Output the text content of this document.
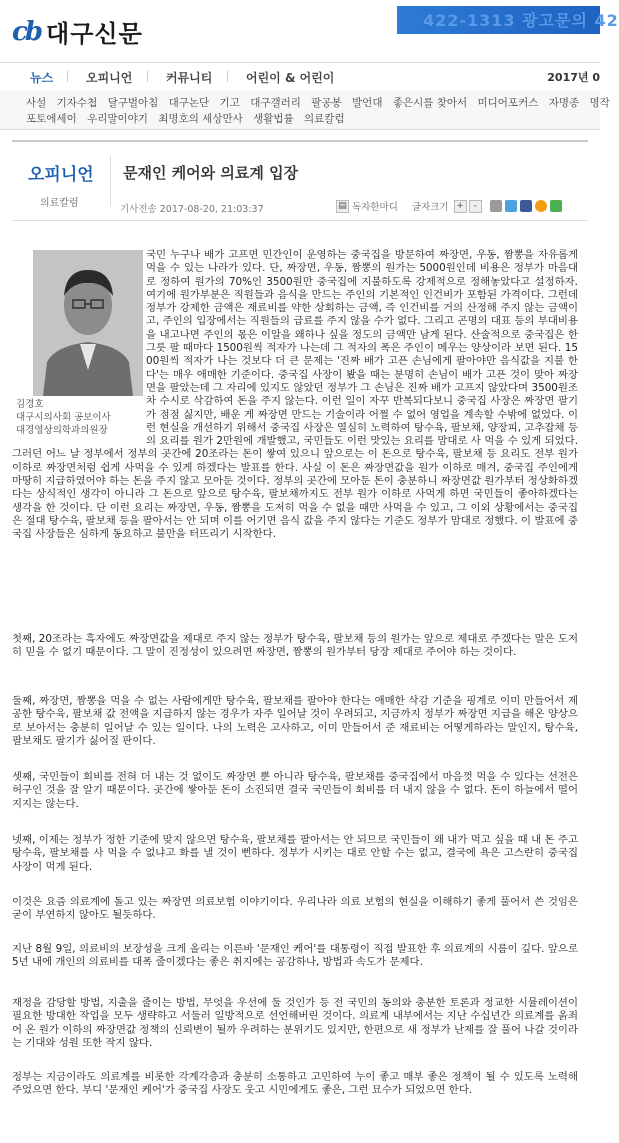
cb 대구신문	422-1313 광고문의 42
뉴스	오피니언	커뮤니티	어린이 & 어린이	2017년 0
사설 기자수첩 달구벌아침 대구논단 기고 대구갤러리 팔공봉 발언대 좋은시를 찾아서 미디어포커스 자명종 명작
포토에세이 우리말이야기 최명호의 세상만사 생활법률 의료칼럼
오피니언
의료칼럼
문재인 케어와 의료계 입장
기사전송 2017-08-20, 21:03:37	▤ 독자한마디 글자크기 +	-
김경호
대구시의사회 공보이사
대경영상의학과의원장
국민 누구나 배가 고프면 민간인이 운영하는 중국집을 방문하여 짜장면, 우동, 짬뽕을 자유롭게 먹을 수 있는 나라가 있다. 단, 짜장면, 우동, 짬뽕의 원가는 5000원인데 비용은 정부가 마음대로 정하여 원가의 70%인 3500원만 중국집에 지불하도록 강제적으로 정해놓았다고 설정하자. 여기에 원가부분은 직원들과 음식을 만드는 주인의 기본적인 인건비가 포함된 가격이다. 그런데 정부가 강제한 금액은 재료비를 약한 상회하는 금액, 즉 인건비를 거의 산정해 주지 않는 금액이고, 주인의 입장에서는 직원들의 급료를 주지 않을 수가 없다. 그리고 곤명의 대표 등의 부대비용을 내고나면 주인의 몫은 이알을 왜하나 싶을 정도의 금액만 남게 된다. 산술적으로 중국집은 한 그릇 팔 때마다 1500원씩 적자가 나는데 그 적자의 폭은 주인이 메우는 양상이라 보면 된다. 1500원씩 적자가 나는 것보다 더 큰 문제는 '진짜 배가 고픈 손님에게 팔아야만 음식값을 지불 한다'는 매우 애매한 기준이다. 중국집 사장이 봤을 때는 분명히 손님이 배가 고픈 것이 맞아 짜장면을 팔았는데 그 자리에 있지도 않았던 정부가 그 손님은 진짜 배가 고프지 않았다며 3500원조차 수시로 삭감하여 돈을 주지 않는다. 이런 일이 자꾸 반복되다보니 중국집 사장은 짜장면 팔기가 점점 싫지만, 배운 게 짜장면 만드는 기술이라 어쩔 수 없어 영업을 계속할 수밖에 없었다. 이런 현실을 개선하기 위해서 중국집 사장은 열심히 노력하여 탕수육, 팔보채, 양장피, 고추잡채 등의 요리를 원가 2만원에 개발했고, 국민들도 이런 맛있는 요리를 맘대로 사 먹을 수 있게 되었다. 그러던 어느 날 정부에서 정부의 곳간에 20조라는 돈이 쌓여 있으니 앞으로는 이 돈으로 탕수육, 팔보채 등 요리도 전부 원가 이하로 짜장면처럼 쉽게 사먹을 수 있게 하겠다는 발표를 한다. 사실 이 돈은 짜장면값을 원가 이하로 매겨, 중국집 주인에게 마땅히 지급하였어야 하는 돈을 주지 않고 모아둔 것이다. 정부의 곳간에 모아둔 돈이 충분하니 짜장면값 원가부터 정상화하겠다는 상식적인 생각이 아니라 그 돈으로 앞으로 탕수육, 팔보채까지도 전부 원가 이하로 사먹게 하면 국민들이 좋아하겠다는 생각을 한 것이다. 단 이런 요리는 짜장면, 우동, 짬뽕을 도저히 먹을 수 없을 때만 사먹을 수 있고, 그 이외 상황에서는 중국집은 절대 탕수육, 팔보채 등을 팔아서는 안 되며 이를 어기면 음식 값을 주지 않다는 기준도 정부가 맘대로 정했다. 이 발표에 중국집 사장들은 심하게 동요하고 불만을 터뜨리기 시작한다.
첫째, 20조라는 흑자에도 짜장면값을 제대로 주지 않는 정부가 탕수육, 팔보채 등의 원가는 앞으로 제대로 주겠다는 말은 도저히 믿을 수 없기 때문이다. 그 말이 진정성이 있으려면 짜장면, 짬뽕의 원가부터 당장 제대로 주어야 하는 것이다.
둘째, 짜장면, 짬뽕을 먹을 수 없는 사람에게만 탕수육, 팔보채를 팔아야 한다는 애매한 삭감 기준을 핑계로 이미 만들어서 제공한 탕수육, 팔보채 값 전액을 지급하지 않는 경우가 자주 일어날 것이 우려되고, 지금까지 정부가 짜장면 지급을 해온 양상으로 보아서는 충분히 일어날 수 있는 일이다. 나의 노력은 고사하고, 이미 만들어서 준 재료비는 어떻게하라는 말인지, 탕수육, 팔보채도 팔기가 싫어질 판이다.
셋째, 국민들이 회비를 전혀 더 내는 것 없이도 짜장면 뿐 아니라 탕수육, 팔보채를 중국집에서 마음껏 먹을 수 있다는 선전은 허구인 것을 잘 알기 때문이다. 곳간에 쌓아둔 돈이 소진되면 결국 국민들이 회비를 더 내지 않을 수 없다. 돈이 하늘에서 떨어지지는 않는다.
넷째, 이제는 정부가 정한 기준에 맞지 않으면 탕수육, 팔보채를 팔아서는 안 되므로 국민들이 왜 내가 먹고 싶을 때 내 돈 주고 탕수육, 팔보채를 사 먹을 수 없냐고 화를 낼 것이 뻔하다. 정부가 시키는 대로 안할 수는 없고, 결국에 욕은 고스란히 중국집 사장이 먹게 된다.
이것은 요즘 의료계에 돌고 있는 짜장면 의료보험 이야기이다. 우리나라 의료 보험의 현실을 이해하기 좋게 풀어서 쓴 것임은 굳이 부연하지 않아도 될듯하다.
지난 8월 9일, 의료비의 보장성을 크게 올리는 이른바 '문재인 케어'를 대통령이 직접 발표한 후 의료계의 시름이 깊다. 앞으로 5년 내에 개인의 의료비를 대폭 줄이겠다는 좋은 취지에는 공감하나, 방법과 속도가 문제다.
재정을 감당할 방법, 지출을 줄이는 방법, 무엇을 우선에 둘 것인가 등 전 국민의 동의와 충분한 토론과 정교한 시뮬레이션이 필요한 방대한 작업을 모두 생략하고 서둘러 일방적으로 선언해버린 것이다. 의료계 내부에서는 지난 수십년간 의료계를 옭죄어 온 원가 이하의 짜장면값 정책의 신뢰변이 될까 우려하는 분위기도 있지만, 한편으로 새 정부가 난제를 잘 풀어 나갈 것이라는 기대와 성원 또한 작지 않다.
정부는 지금이라도 의료계를 비롯한 각계각층과 충분히 소통하고 고민하여 누이 좋고 매부 좋은 정책이 될 수 있도록 노력해 주었으면 한다. 부디 '문재인 케어'가 중국집 사장도 웃고 시민에게도 좋은, 그런 묘수가 되었으면 한다.
